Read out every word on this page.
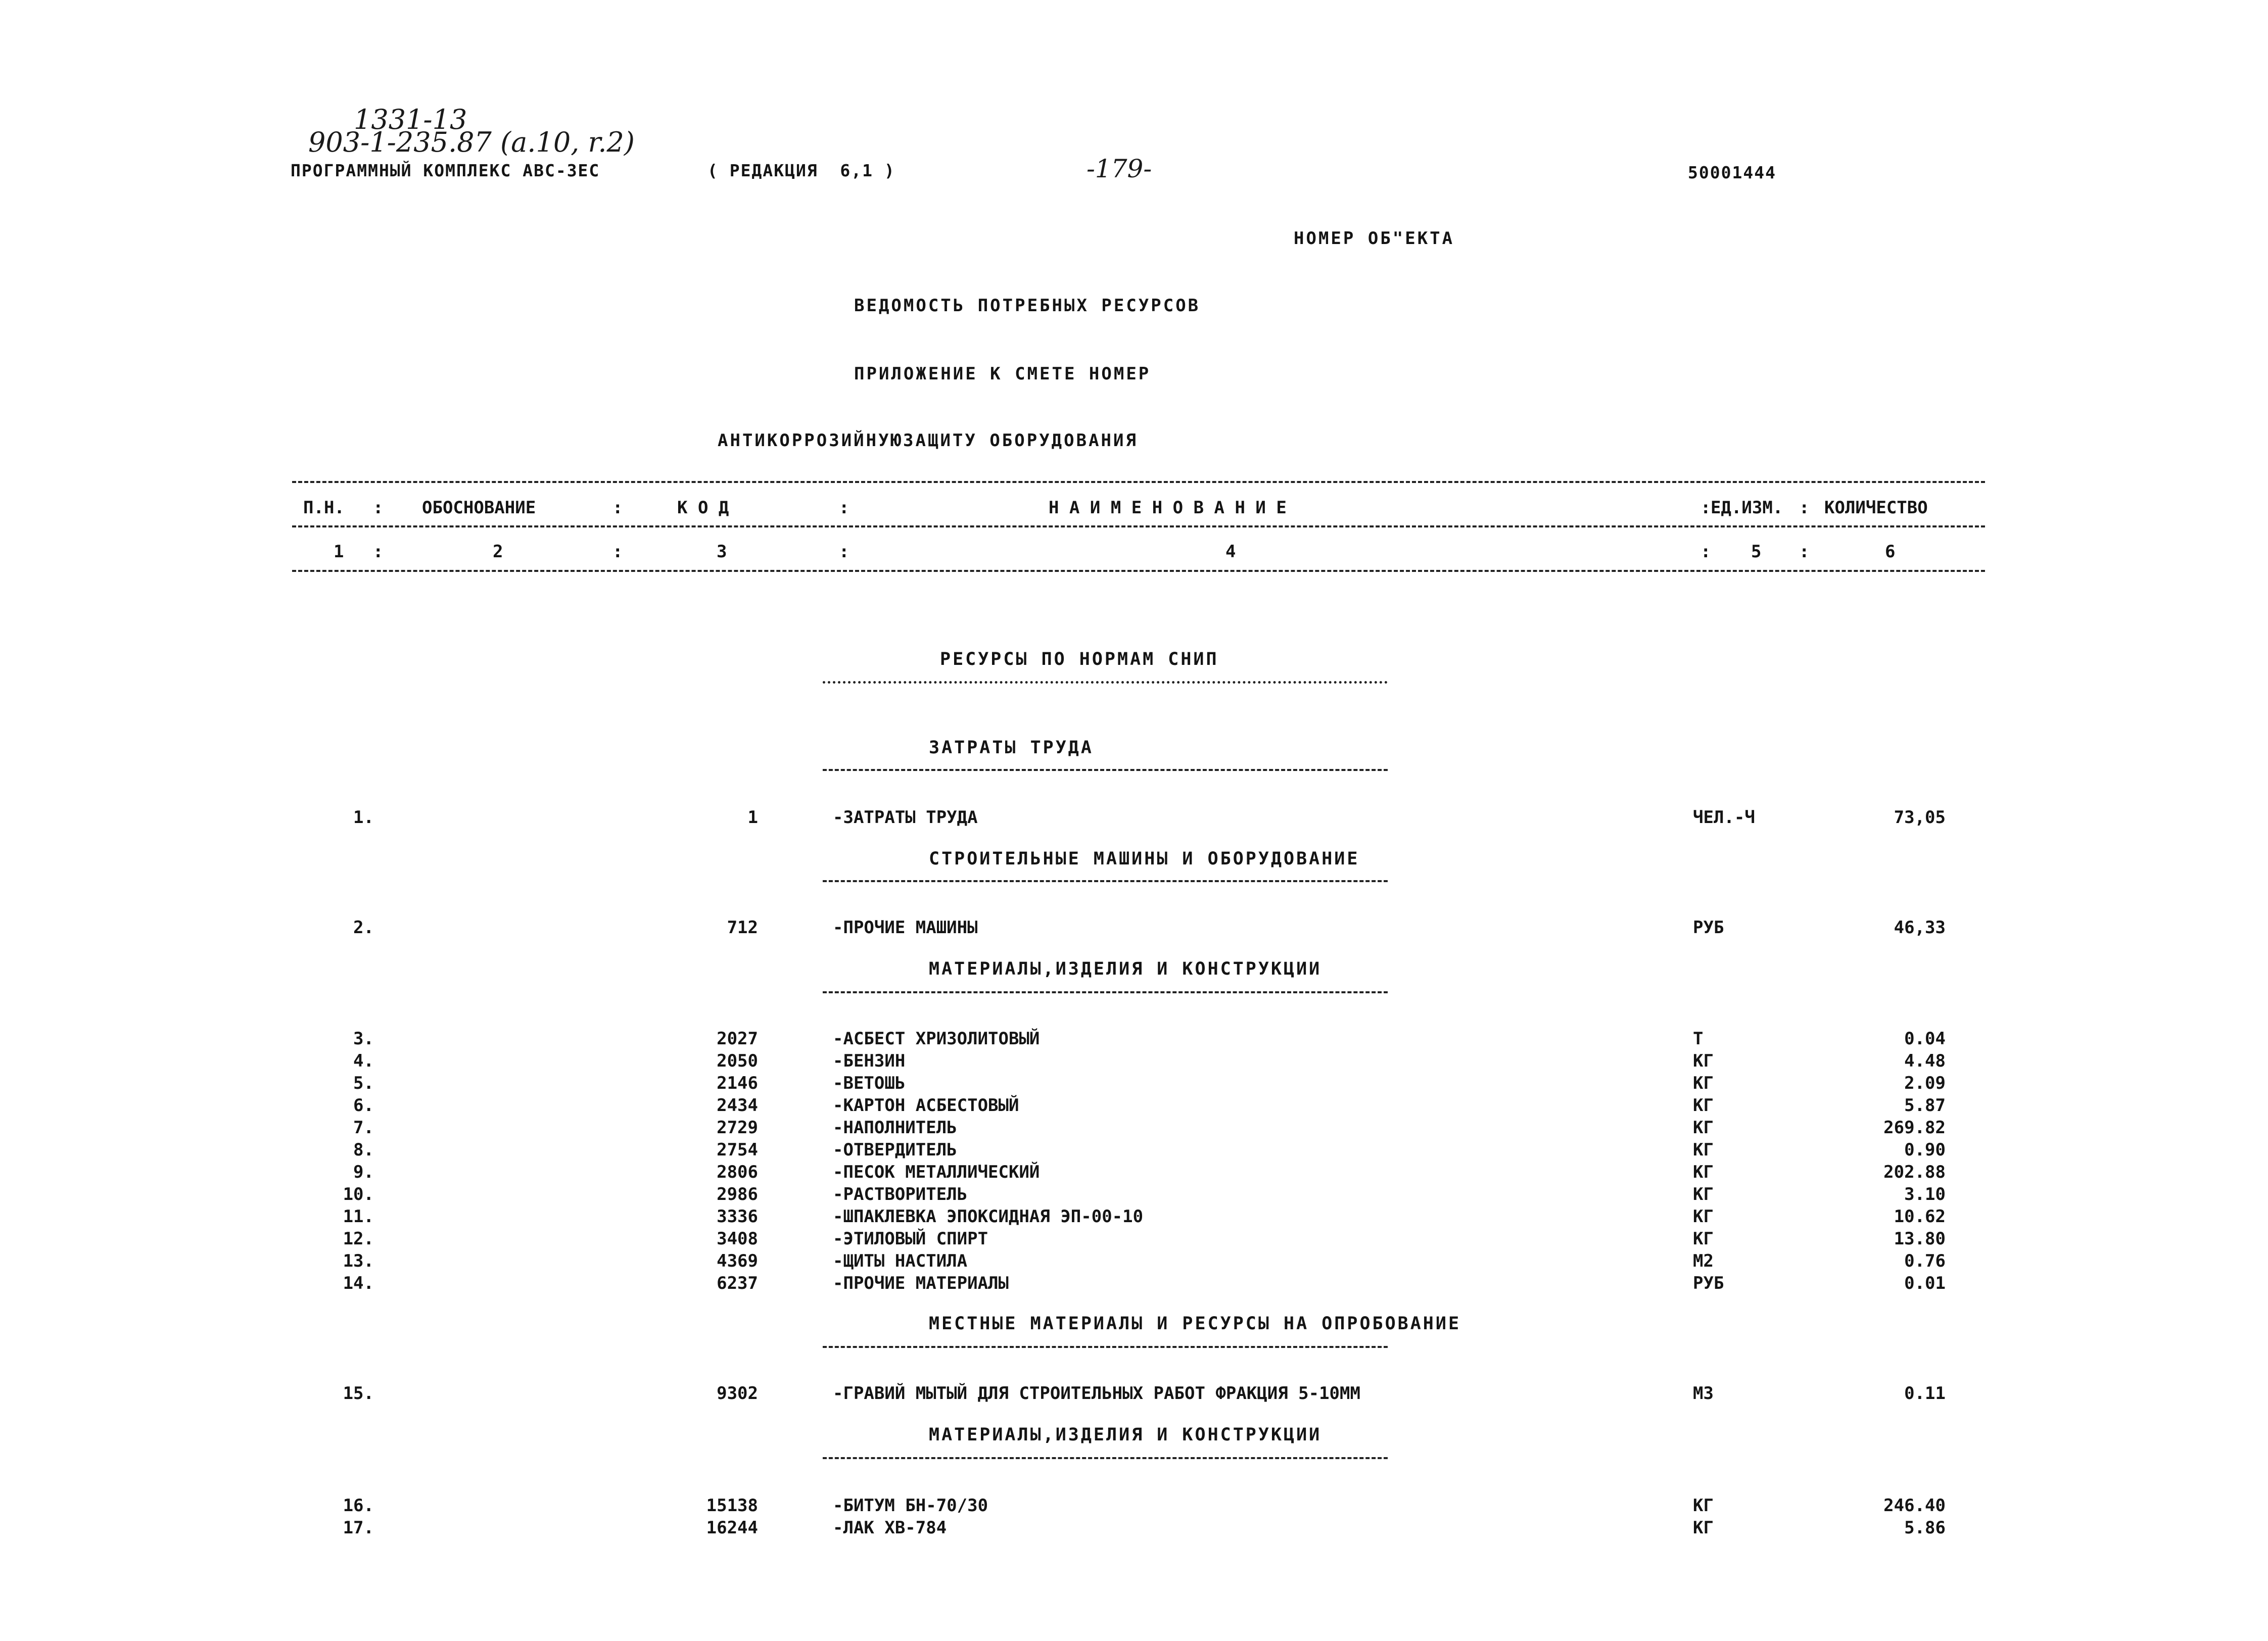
1331-13
903-1-235.87 (a.10, r.2)
-179-
ПРОГРАММНЫЙ КОМПЛЕКС АВС-3ЕС	( РЕДАКЦИЯ  6,1 )	50001444
НОМЕР ОБ"ЕКТА
ВЕДОМОСТЬ ПОТРЕБНЫХ РЕСУРСОВ
ПРИЛОЖЕНИЕ К СМЕТЕ НОМЕР
АНТИКОРРОЗИЙНУЮЗАЩИТУ ОБОРУДОВАНИЯ
П.Н. : ОБОСНОВАНИЕ	:	К О Д	:	Н А И М Е Н О В А Н И Е	: ЕД.ИЗМ. : КОЛИЧЕСТВО
1 :	2	:	3	:	4	: 5 :	6
РЕСУРСЫ ПО НОРМАМ СНИП
ЗАТРАТЫ ТРУДА
1.	1	-ЗАТРАТЫ ТРУДА	ЧЕЛ.-Ч	73,05
СТРОИТЕЛЬНЫЕ МАШИНЫ И ОБОРУДОВАНИЕ
2.	712	-ПРОЧИЕ МАШИНЫ	РУБ	46,33
МАТЕРИАЛЫ,ИЗДЕЛИЯ И КОНСТРУКЦИИ
3.	2027	-АСБЕСТ ХРИЗОЛИТОВЫЙ	Т	0.04
4.	2050	-БЕНЗИН	КГ	4.48
5.	2146	-ВЕТОШЬ	КГ	2.09
6.	2434	-КАРТОН АСБЕСТОВЫЙ	КГ	5.87
7.	2729	-НАПОЛНИТЕЛЬ	КГ	269.82
8.	2754	-ОТВЕРДИТЕЛЬ	КГ	0.90
9.	2806	-ПЕСОК МЕТАЛЛИЧЕСКИЙ	КГ	202.88
10.	2986	-РАСТВОРИТЕЛЬ	КГ	3.10
11.	3336	-ШПАКЛЕВКА ЭПОКСИДНАЯ ЭП-00-10	КГ	10.62
12.	3408	-ЭТИЛОВЫЙ СПИРТ	КГ	13.80
13.	4369	-ЩИТЫ НАСТИЛА	М2	0.76
14.	6237	-ПРОЧИЕ МАТЕРИАЛЫ	РУБ	0.01
МЕСТНЫЕ МАТЕРИАЛЫ И РЕСУРСЫ НА ОПРОБОВАНИЕ
15.	9302	-ГРАВИЙ МЫТЫЙ ДЛЯ СТРОИТЕЛЬНЫХ РАБОТ ФРАКЦИЯ 5-10ММ	М3	0.11
МАТЕРИАЛЫ,ИЗДЕЛИЯ И КОНСТРУКЦИИ
16.	15138	-БИТУМ БН-70/30	КГ	246.40
17.	16244	-ЛАК ХВ-784	КГ	5.86
